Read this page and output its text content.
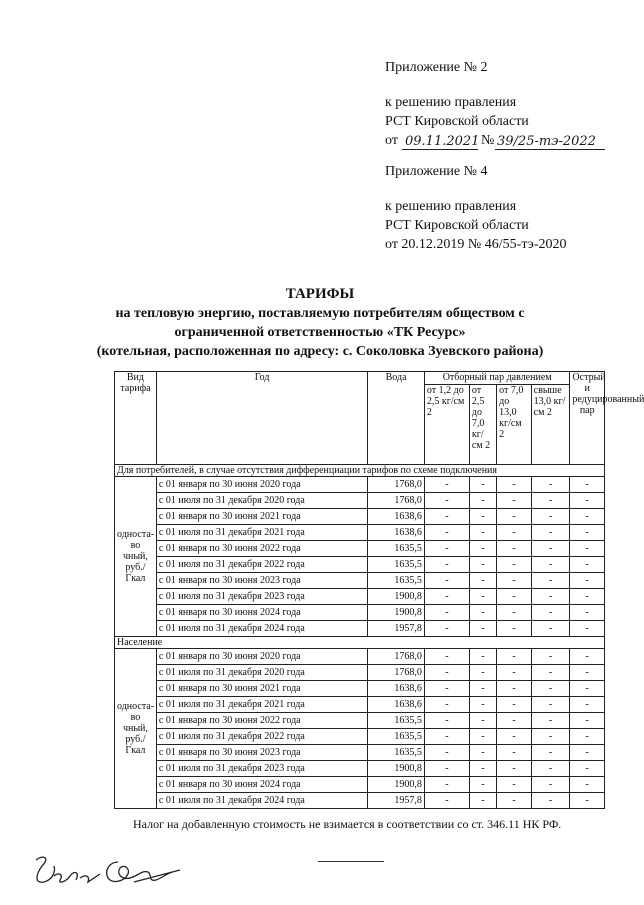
Приложение № 2
к решению правления
РСТ Кировской области
от 09.11.2021 № 39/25-тэ-2022
Приложение № 4
к решению правления
РСТ Кировской области
от 20.12.2019 № 46/55-тэ-2020
ТАРИФЫ
на тепловую энергию, поставляемую потребителям обществом с
ограниченной ответственностью «ТК Ресурс»
(котельная, расположенная по адресу: с. Соколовка Зуевского района)
Вид тарифа	Год	Вода	Отборный пар давлением				Острый и редуцированный пар
			от 1,2 до 2,5 кг/см 2	от 2,5 до 7,0 кг/см 2	от 7,0 до 13,0 кг/см 2	свыше 13,0 кг/см 2	
Для потребителей, в случае отсутствия дифференциации тарифов по схеме подключения							

одноставо
чный,
руб./Гкал	с 01 января по 30 июня 2020 года	1768,0	-	-	-	-	-
	с 01 июля по 31 декабря 2020 года	1768,0	-	-	-	-	-
	с 01 января по 30 июня 2021 года	1638,6	-	-	-	-	-
	с 01 июля по 31 декабря 2021 года	1638,6	-	-	-	-	-
	с 01 января по 30 июня 2022 года	1635,5	-	-	-	-	-
	с 01 июля по 31 декабря 2022 года	1635,5	-	-	-	-	-
	с 01 января по 30 июня 2023 года	1635,5	-	-	-	-	-
	с 01 июля по 31 декабря 2023 года	1900,8	-	-	-	-	-
	с 01 января по 30 июня 2024 года	1900,8	-	-	-	-	-
	с 01 июля по 31 декабря 2024 года	1957,8	-	-	-	-	-
Население							

одноставо
чный,
руб./Гкал	с 01 января по 30 июня 2020 года	1768,0	-	-	-	-	-
	с 01 июля по 31 декабря 2020 года	1768,0	-	-	-	-	-
	с 01 января по 30 июня 2021 года	1638,6	-	-	-	-	-
	с 01 июля по 31 декабря 2021 года	1638,6	-	-	-	-	-
	с 01 января по 30 июня 2022 года	1635,5	-	-	-	-	-
	с 01 июля по 31 декабря 2022 года	1635,5	-	-	-	-	-
	с 01 января по 30 июня 2023 года	1635,5	-	-	-	-	-
	с 01 июля по 31 декабря 2023 года	1900,8	-	-	-	-	-
	с 01 января по 30 июня 2024 года	1900,8	-	-	-	-	-
	с 01 июля по 31 декабря 2024 года	1957,8	-	-	-	-	-
Налог на добавленную стоимость не взимается в соответствии со ст. 346.11 НК РФ.
